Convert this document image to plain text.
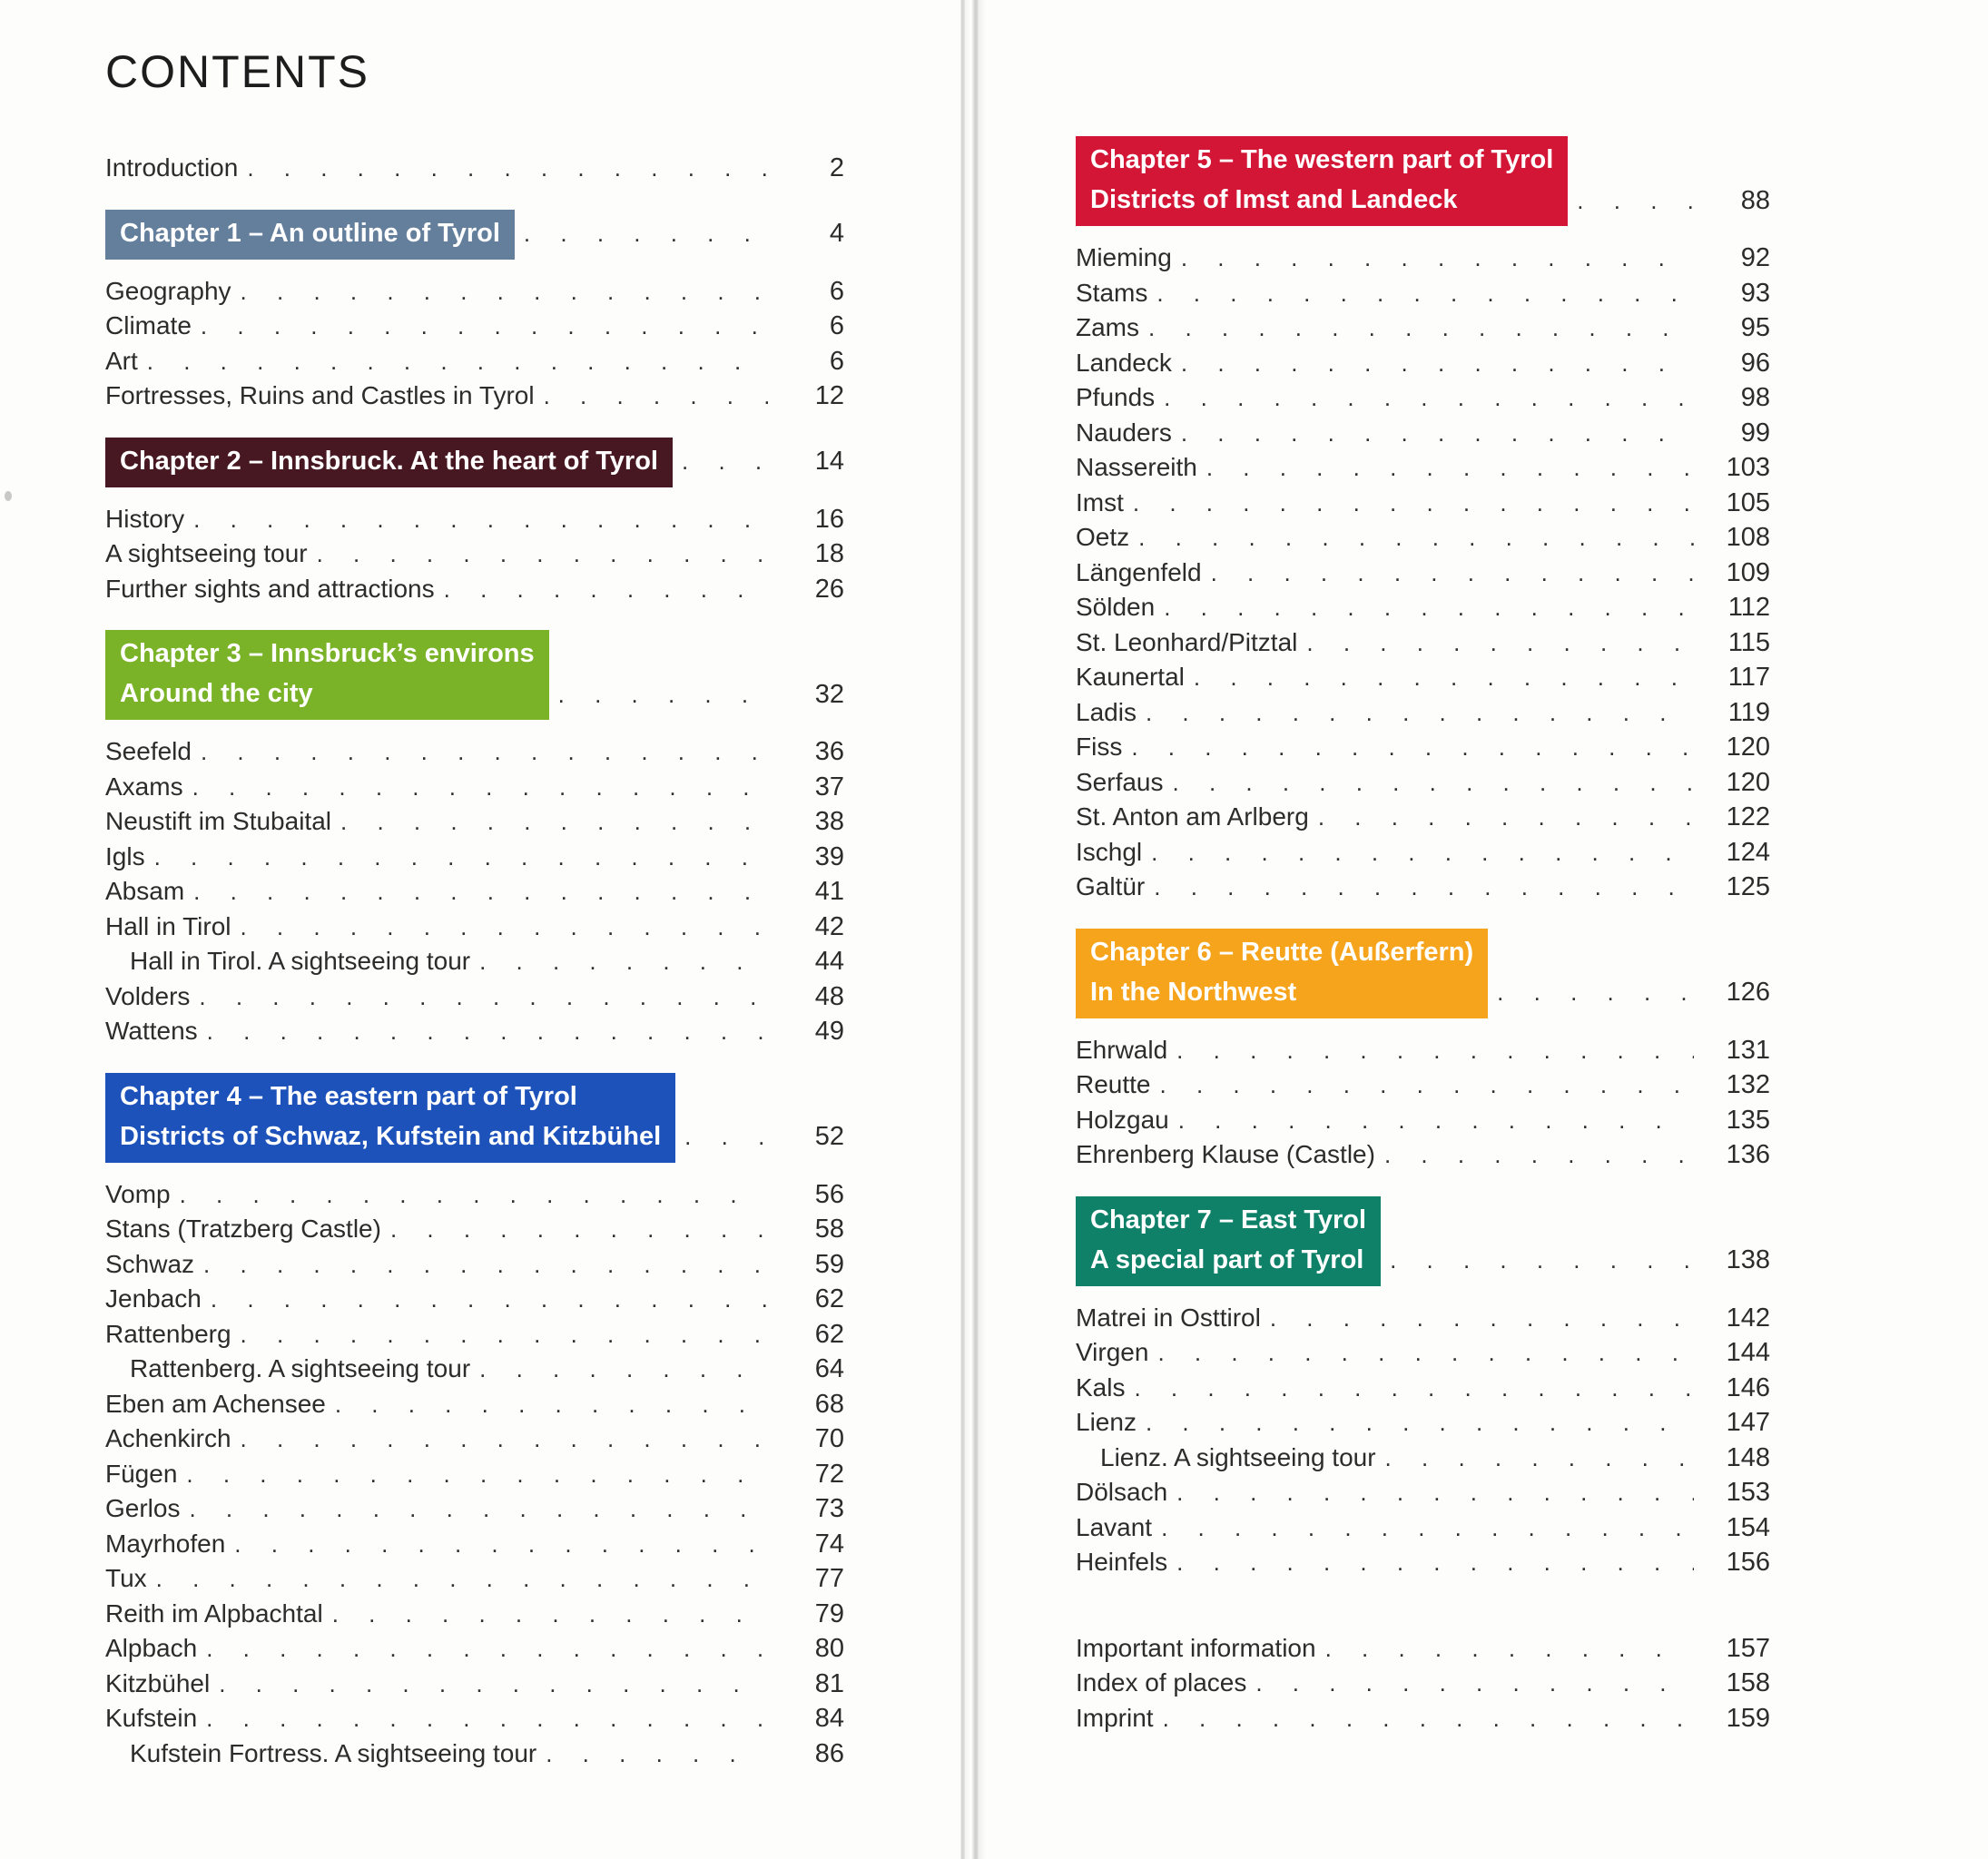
CONTENTS
Introduction . . .	2
Chapter 1 – An outline of Tyrol . . .	4
Geography . . .	6
Climate . . .	6
Art . . .	6
Fortresses, Ruins and Castles in Tyrol . . .	12
Chapter 2 – Innsbruck. At the heart of Tyrol . . .	14
History . . .	16
A sightseeing tour . . .	18
Further sights and attractions . . .	26
Chapter 3 – Innsbruck’s environs
Around the city . . .	32
Seefeld . . .	36
Axams . . .	37
Neustift im Stubaital . . .	38
Igls . . .	39
Absam . . .	41
Hall in Tirol . . .	42
Hall in Tirol. A sightseeing tour . . .	44
Volders . . .	48
Wattens . . .	49
Chapter 4 – The eastern part of Tyrol
Districts of Schwaz, Kufstein and Kitzbühel . . .	52
Vomp . . .	56
Stans (Tratzberg Castle) . . .	58
Schwaz . . .	59
Jenbach . . .	62
Rattenberg . . .	62
Rattenberg. A sightseeing tour . . .	64
Eben am Achensee . . .	68
Achenkirch . . .	70
Fügen . . .	72
Gerlos . . .	73
Mayrhofen . . .	74
Tux . . .	77
Reith im Alpbachtal . . .	79
Alpbach . . .	80
Kitzbühel . . .	81
Kufstein . . .	84
Kufstein Fortress. A sightseeing tour . . .	86
Chapter 5 – The western part of Tyrol
Districts of Imst and Landeck . . .	88
Mieming . . .	92
Stams . . .	93
Zams . . .	95
Landeck . . .	96
Pfunds . . .	98
Nauders . . .	99
Nassereith . . .	103
Imst . . .	105
Oetz . . .	108
Längenfeld . . .	109
Sölden . . .	112
St. Leonhard/Pitztal . . .	115
Kaunertal . . .	117
Ladis . . .	119
Fiss . . .	120
Serfaus . . .	120
St. Anton am Arlberg . . .	122
Ischgl . . .	124
Galtür . . .	125
Chapter 6 – Reutte (Außerfern)
In the Northwest . . .	126
Ehrwald . . .	131
Reutte . . .	132
Holzgau . . .	135
Ehrenberg Klause (Castle) . . .	136
Chapter 7 – East Tyrol
A special part of Tyrol . . .	138
Matrei in Osttirol . . .	142
Virgen . . .	144
Kals . . .	146
Lienz . . .	147
Lienz. A sightseeing tour . . .	148
Dölsach . . .	153
Lavant . . .	154
Heinfels . . .	156
Important information . . .	157
Index of places . . .	158
Imprint . . .	159
